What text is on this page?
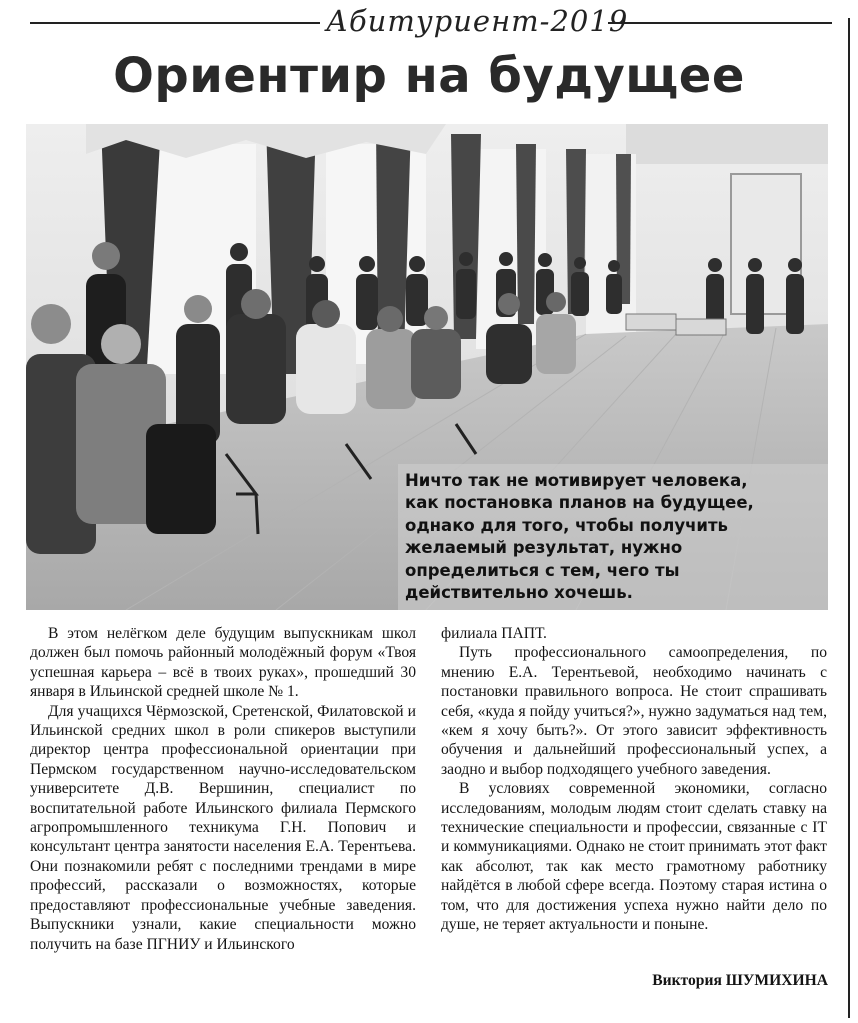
Абитуриент-2019
Ориентир на будущее
Ничто так не мотивирует человека,
как постановка планов на будущее,
однако для того, чтобы получить
желаемый результат, нужно
определиться с тем, чего ты
действительно хочешь.

В этом нелёгком деле будущим выпускникам школ должен был помочь районный молодёжный форум «Твоя успешная карьера – всё в твоих руках», прошедший 30 января в Ильинской средней школе № 1.

Для учащихся Чёрмозской, Сретенской, Филатовской и Ильинской средних школ в роли спикеров выступили директор центра профессиональной ориентации при Пермском государственном научно-исследовательском университете Д.В. Вершинин, специалист по воспитательной работе Ильинского филиала Пермского агропромышленного техникума Г.Н. Попович и консультант центра занятости населения Е.А. Терентьева. Они познакомили ребят с последними трендами в мире профессий, рассказали о возможностях, которые предоставляют профессиональные учебные заведения. Выпускники узнали, какие специальности можно получить на базе ПГНИУ и Ильинского

филиала ПАПТ.

Путь профессионального самоопределения, по мнению Е.А. Терентьевой, необходимо начинать с постановки правильного вопроса. Не стоит спрашивать себя, «куда я пойду учиться?», нужно задуматься над тем, «кем я хочу быть?». От этого зависит эффективность обучения и дальнейший профессиональный успех, а заодно и выбор подходящего учебного заведения.

В условиях современной экономики, согласно исследованиям, молодым людям стоит сделать ставку на технические специальности и профессии, связанные с IT и коммуникациями. Однако не стоит принимать этот факт как абсолют, так как место грамотному работнику найдётся в любой сфере всегда. Поэтому старая истина о том, что для достижения успеха нужно найти дело по душе, не теряет актуальности и поныне.

Виктория ШУМИХИНА
